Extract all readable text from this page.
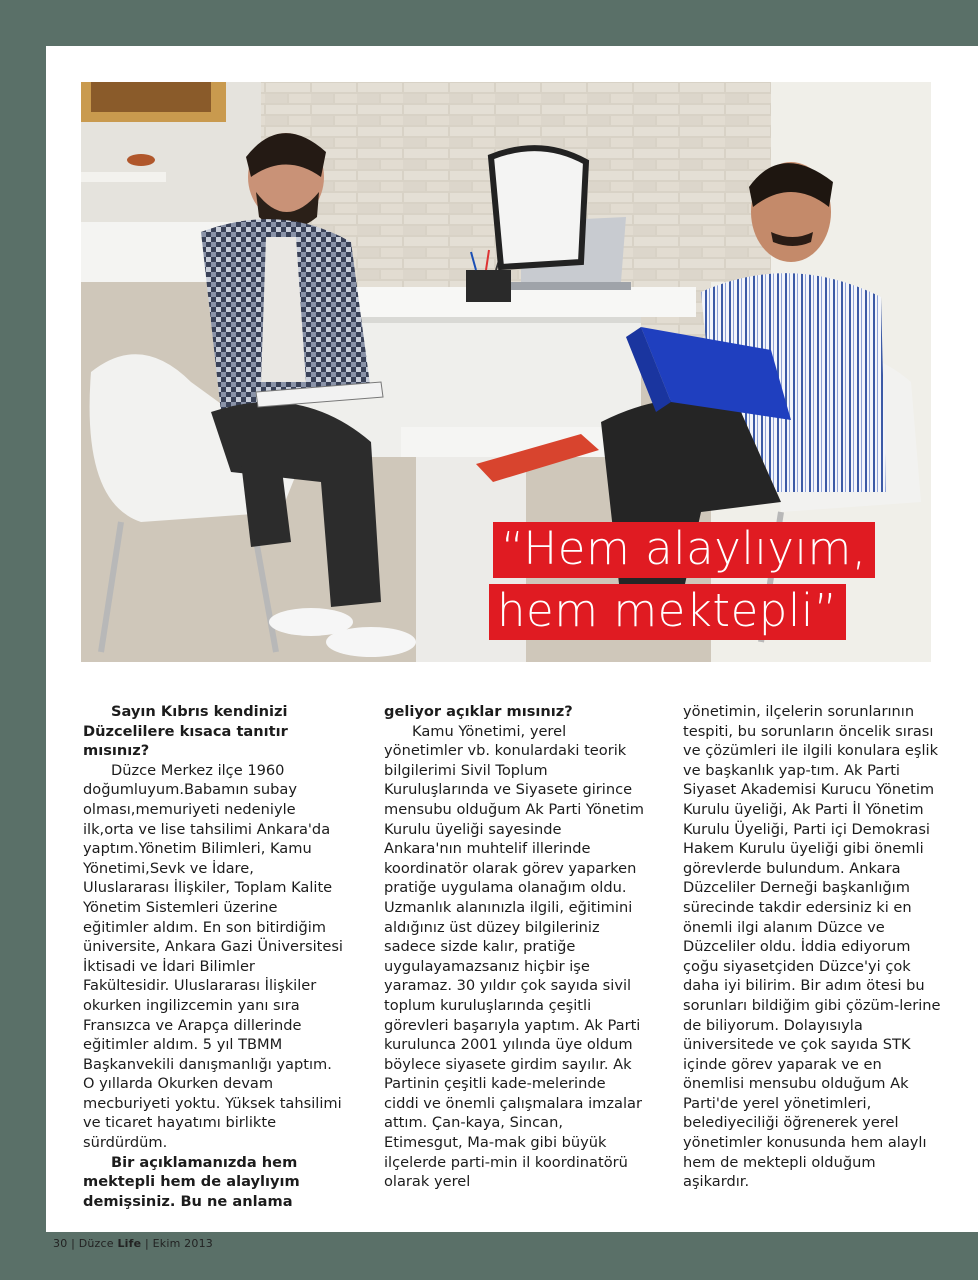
“Hem alaylıyım,
hem mektepli”

Sayın Kıbrıs kendinizi Düzcelilere kısaca tanıtır mısınız?

Düzce Merkez ilçe 1960 doğumluyum.Babamın subay olması,memuriyeti nedeniyle ilk,orta ve lise tahsilimi Ankara'da yaptım.Yönetim Bilimleri, Kamu Yönetimi,Sevk ve İdare, Uluslararası İlişkiler, Toplam Kalite Yönetim Sistemleri üzerine eğitimler aldım. En son bitirdiğim üniversite, Ankara Gazi Üniversitesi İktisadi ve İdari Bilimler Fakültesidir. Uluslararası İlişkiler okurken ingilizcemin yanı sıra Fransızca ve Arapça dillerinde eğitimler aldım. 5 yıl TBMM Başkanvekili danışmanlığı yaptım. O yıllarda Okurken devam mecburiyeti yoktu. Yüksek tahsilimi ve ticaret hayatımı birlikte sürdürdüm.

Bir açıklamanızda hem mektepli hem de alaylıyım demişsiniz. Bu ne anlama

geliyor açıklar mısınız?

Kamu Yönetimi, yerel yönetimler vb. konulardaki teorik bilgilerimi Sivil Toplum Kuruluşlarında ve Siyasete girince mensubu olduğum Ak Parti Yönetim Kurulu üyeliği sayesinde Ankara'nın muhtelif illerinde koordinatör olarak görev yaparken pratiğe uygulama olanağım oldu. Uzmanlık alanınızla ilgili, eğitimini aldığınız üst düzey bilgileriniz sadece sizde kalır, pratiğe uygulayamazsanız hiçbir işe yaramaz. 30 yıldır çok sayıda sivil toplum kuruluşlarında çeşitli görevleri başarıyla yaptım. Ak Parti kurulunca 2001 yılında üye oldum böylece siyasete girdim sayılır. Ak Partinin çeşitli kade-melerinde ciddi ve önemli çalışmalara imzalar attım. Çan-kaya, Sincan, Etimesgut, Ma-mak gibi büyük ilçelerde parti-min il koordinatörü olarak yerel

yönetimin, ilçelerin sorunlarının tespiti, bu sorunların öncelik sırası ve çözümleri ile ilgili konulara eşlik ve başkanlık yap-tım. Ak Parti Siyaset Akademisi Kurucu Yönetim Kurulu üyeliği, Ak Parti İl Yönetim Kurulu Üyeliği, Parti içi Demokrasi Hakem Kurulu üyeliği gibi önemli görevlerde bulundum. Ankara Düzceliler Derneği başkanlığım sürecinde takdir edersiniz ki en önemli ilgi alanım Düzce ve Düzceliler oldu. İddia ediyorum çoğu siyasetçiden Düzce'yi çok daha iyi bilirim. Bir adım ötesi bu sorunları bildiğim gibi çözüm-lerine de biliyorum. Dolayısıyla üniversitede ve çok sayıda STK içinde görev yaparak ve en önemlisi mensubu olduğum Ak Parti'de yerel yönetimleri, belediyeciliği öğrenerek yerel yönetimler konusunda hem alaylı hem de mektepli olduğum aşikardır.

30 | Düzce Life | Ekim 2013
